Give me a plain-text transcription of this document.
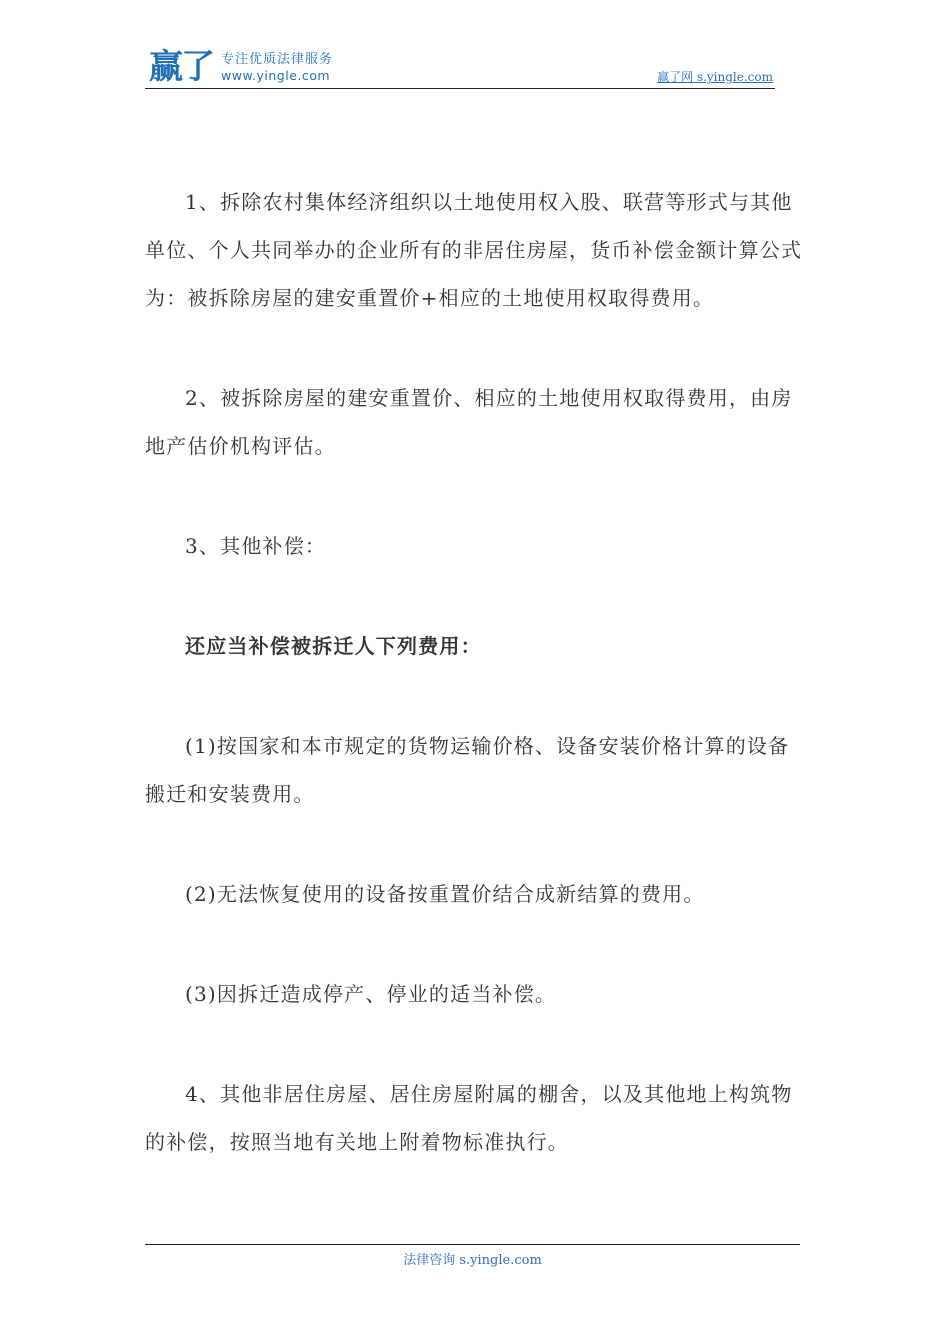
赢了 专注优质法律服务
www.yingle.com	赢了网 s.yingle.com

1、拆除农村集体经济组织以土地使用权入股、联营等形式与其他单位、个人共同举办的企业所有的非居住房屋，货币补偿金额计算公式为：被拆除房屋的建安重置价+相应的土地使用权取得费用。

2、被拆除房屋的建安重置价、相应的土地使用权取得费用，由房地产估价机构评估。

3、其他补偿：

还应当补偿被拆迁人下列费用：

(1)按国家和本市规定的货物运输价格、设备安装价格计算的设备搬迁和安装费用。

(2)无法恢复使用的设备按重置价结合成新结算的费用。

(3)因拆迁造成停产、停业的适当补偿。

4、其他非居住房屋、居住房屋附属的棚舍，以及其他地上构筑物的补偿，按照当地有关地上附着物标准执行。

法律咨询 s.yingle.com
